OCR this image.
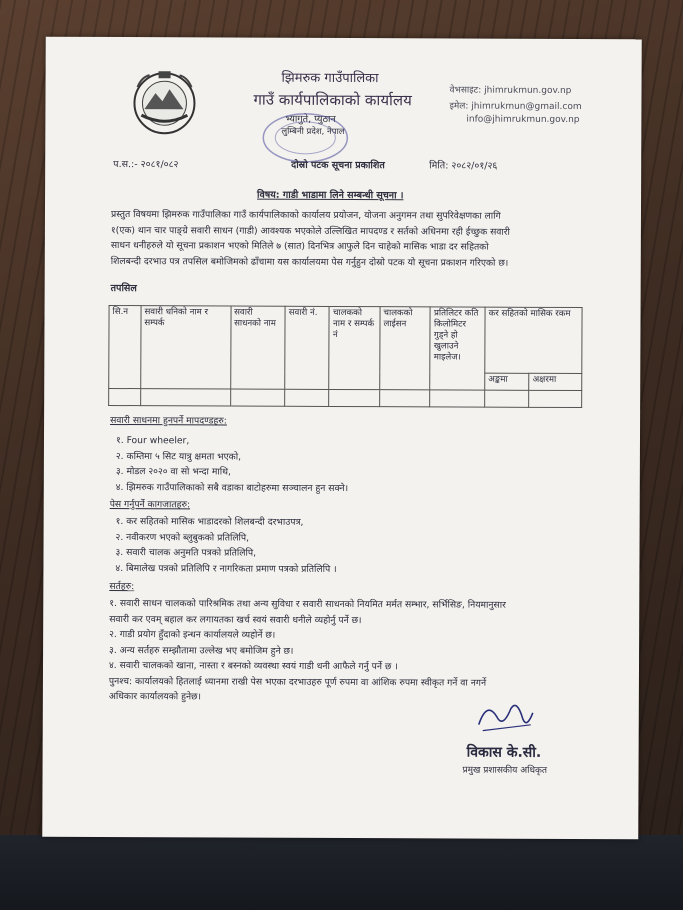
झिमरुक गाउँपालिका
गाउँ कार्यपालिकाको कार्यालय
भ्यागुते, प्युठान
लुम्बिनी प्रदेश, नेपाल
वेभसाइट: jhimrukmun.gov.np
इमेल: jhimrukmun@gmail.com
info@jhimrukmun.gov.np
प.स.:- २०८१/०८२	दोस्रो पटक सूचना प्रकाशित	मिति: २०८२/०१/२६
विषय: गाडी भाडामा लिने सम्बन्धी सूचना ।
प्रस्तुत विषयमा झिमरुक गाउँपालिका गाउँ कार्यपालिकाको कार्यालय प्रयोजन, योजना अनुगमन तथा सुपरिवेक्षणका लागि
१(एक) थान चार पाङ्ग्रे सवारी साधन (गाडी) आवश्यक भएकोले उल्लिखित मापदण्ड र सर्तको अधिनमा रही ईच्छुक सवारी
साधन धनीहरुले यो सूचना प्रकाशन भएको मितिले ७ (सात) दिनभित्र आफुले दिन चाहेको मासिक भाडा दर सहितको
शिलबन्दी दरभाउ पत्र तपसिल बमोजिमको ढाँचामा यस कार्यालयमा पेस गर्नुहुन दोस्रो पटक यो सूचना प्रकाशन गरिएको छ।
तपसिल
सि.न	सवारी धनिको नाम र सम्पर्क	सवारी साधनको नाम	सवारी नं.	चालकको नाम र सम्पर्क नं	चालकको लाईसन	प्रतिलिटर कति किलोमिटर गुड्ने हो खुलाउने माइलेज।	कर सहितको मासिक रकम	
							अङ्कमा	अक्षरमा

सवारी साधनमा हुनपर्ने मापदण्डहरु:
१. Four wheeler,
२. कम्तिमा ५ सिट यात्रु क्षमता भएको,
३. मोडल २०२० वा सो भन्दा माथि,
४. झिमरुक गाउँपालिकाको सबै वडाका बाटोहरुमा सञ्चालन हुन सक्ने।
पेस गर्नुपर्ने कागजातहरु:
१. कर सहितको मासिक भाडादरको शिलबन्दी दरभाउपत्र,
२. नवीकरण भएको ब्लुबुकको प्रतिलिपि,
३. सवारी चालक अनुमति पत्रको प्रतिलिपि,
४. बिमालेख पत्रको प्रतिलिपि र नागरिकता प्रमाण पत्रको प्रतिलिपि ।
सर्तहरु:
१. सवारी साधन चालकको पारिश्रमिक तथा अन्य सुविधा र सवारी साधनको नियमित मर्मत सम्भार, सर्भिसिङ, नियमानुसार
सवारी कर एवम् बहाल कर लगायतका खर्च स्वयं सवारी धनीले व्यहोर्नु पर्ने छ।
२. गाडी प्रयोग हुँदाको इन्धन कार्यालयले व्यहोर्ने छ।
३. अन्य सर्तहरु सम्झौतामा उल्लेख भए बमोजिम हुने छ।
४. सवारी चालकको खाना, नास्ता र बस्नको व्यवस्था स्वयं गाडी धनी आफैले गर्नु पर्ने छ ।
पुनश्च: कार्यालयको हितलाई ध्यानमा राखी पेस भएका दरभाउहरु पूर्ण रुपमा वा आंशिक रुपमा स्वीकृत गर्ने वा नगर्ने
अधिकार कार्यालयको हुनेछ।
विकास के.सी.
प्रमुख प्रशासकीय अधिकृत
